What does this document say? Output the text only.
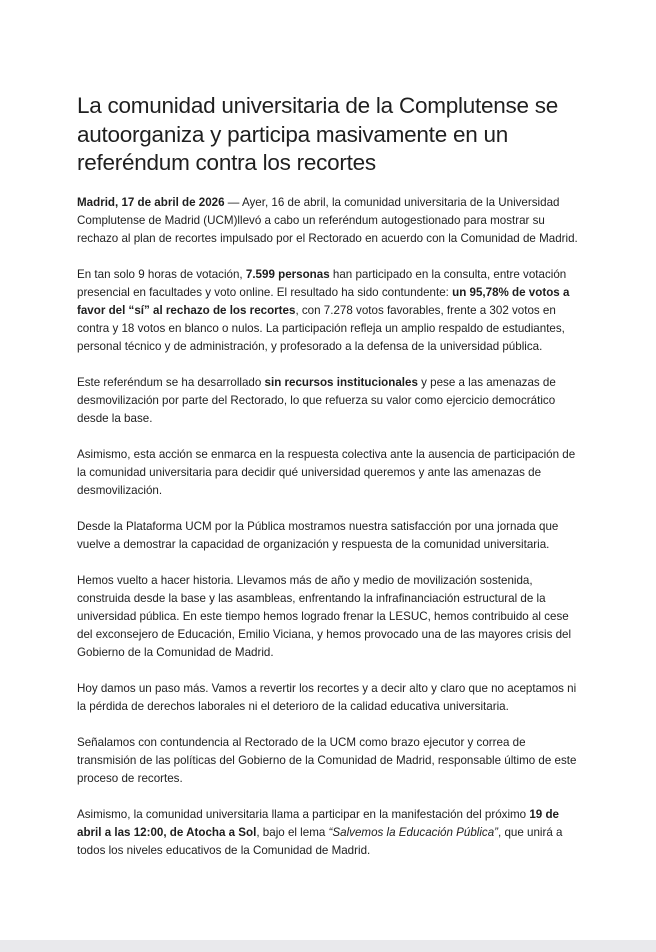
La comunidad universitaria de la Complutense se autoorganiza y participa masivamente en un referéndum contra los recortes

Madrid, 17 de abril de 2026 — Ayer, 16 de abril, la comunidad universitaria de la Universidad Complutense de Madrid (UCM)llevó a cabo un referéndum autogestionado para mostrar su rechazo al plan de recortes impulsado por el Rectorado en acuerdo con la Comunidad de Madrid.

En tan solo 9 horas de votación, 7.599 personas han participado en la consulta, entre votación presencial en facultades y voto online. El resultado ha sido contundente: un 95,78% de votos a favor del “sí” al rechazo de los recortes, con 7.278 votos favorables, frente a 302 votos en contra y 18 votos en blanco o nulos. La participación refleja un amplio respaldo de estudiantes, personal técnico y de administración, y profesorado a la defensa de la universidad pública.

Este referéndum se ha desarrollado sin recursos institucionales y pese a las amenazas de desmovilización por parte del Rectorado, lo que refuerza su valor como ejercicio democrático desde la base.

Asimismo, esta acción se enmarca en la respuesta colectiva ante la ausencia de participación de la comunidad universitaria para decidir qué universidad queremos y ante las amenazas de desmovilización.

Desde la Plataforma UCM por la Pública mostramos nuestra satisfacción por una jornada que vuelve a demostrar la capacidad de organización y respuesta de la comunidad universitaria.

Hemos vuelto a hacer historia. Llevamos más de año y medio de movilización sostenida, construida desde la base y las asambleas, enfrentando la infrafinanciación estructural de la universidad pública. En este tiempo hemos logrado frenar la LESUC, hemos contribuido al cese del exconsejero de Educación, Emilio Viciana, y hemos provocado una de las mayores crisis del Gobierno de la Comunidad de Madrid.

Hoy damos un paso más. Vamos a revertir los recortes y a decir alto y claro que no aceptamos ni la pérdida de derechos laborales ni el deterioro de la calidad educativa universitaria.

Señalamos con contundencia al Rectorado de la UCM como brazo ejecutor y correa de transmisión de las políticas del Gobierno de la Comunidad de Madrid, responsable último de este proceso de recortes.

Asimismo, la comunidad universitaria llama a participar en la manifestación del próximo 19 de abril a las 12:00, de Atocha a Sol, bajo el lema “Salvemos la Educación Pública”, que unirá a todos los niveles educativos de la Comunidad de Madrid.
